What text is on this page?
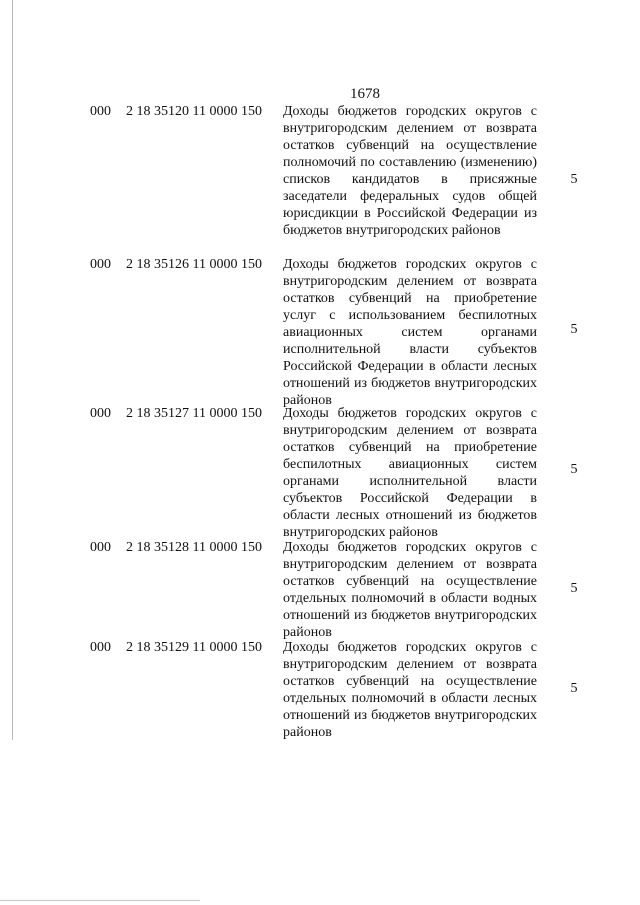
1678
000 2 18 35120 11 0000 150 Доходы бюджетов городских округов с внутригородским делением от возврата остатков субвенций на осуществление полномочий по составлению (изменению) списков кандидатов в присяжные заседатели федеральных судов общей юрисдикции в Российской Федерации из бюджетов внутригородских районов
5
000 2 18 35126 11 0000 150 Доходы бюджетов городских округов с внутригородским делением от возврата остатков субвенций на приобретение услуг с использованием беспилотных авиационных систем органами исполнительной власти субъектов Российской Федерации в области лесных отношений из бюджетов внутригородских районов
5
000 2 18 35127 11 0000 150 Доходы бюджетов городских округов с внутригородским делением от возврата остатков субвенций на приобретение беспилотных авиационных систем органами исполнительной власти субъектов Российской Федерации в области лесных отношений из бюджетов внутригородских районов
5
000 2 18 35128 11 0000 150 Доходы бюджетов городских округов с внутригородским делением от возврата остатков субвенций на осуществление отдельных полномочий в области водных отношений из бюджетов внутригородских районов
5
000 2 18 35129 11 0000 150 Доходы бюджетов городских округов с внутригородским делением от возврата остатков субвенций на осуществление отдельных полномочий в области лесных отношений из бюджетов внутригородских районов
5
